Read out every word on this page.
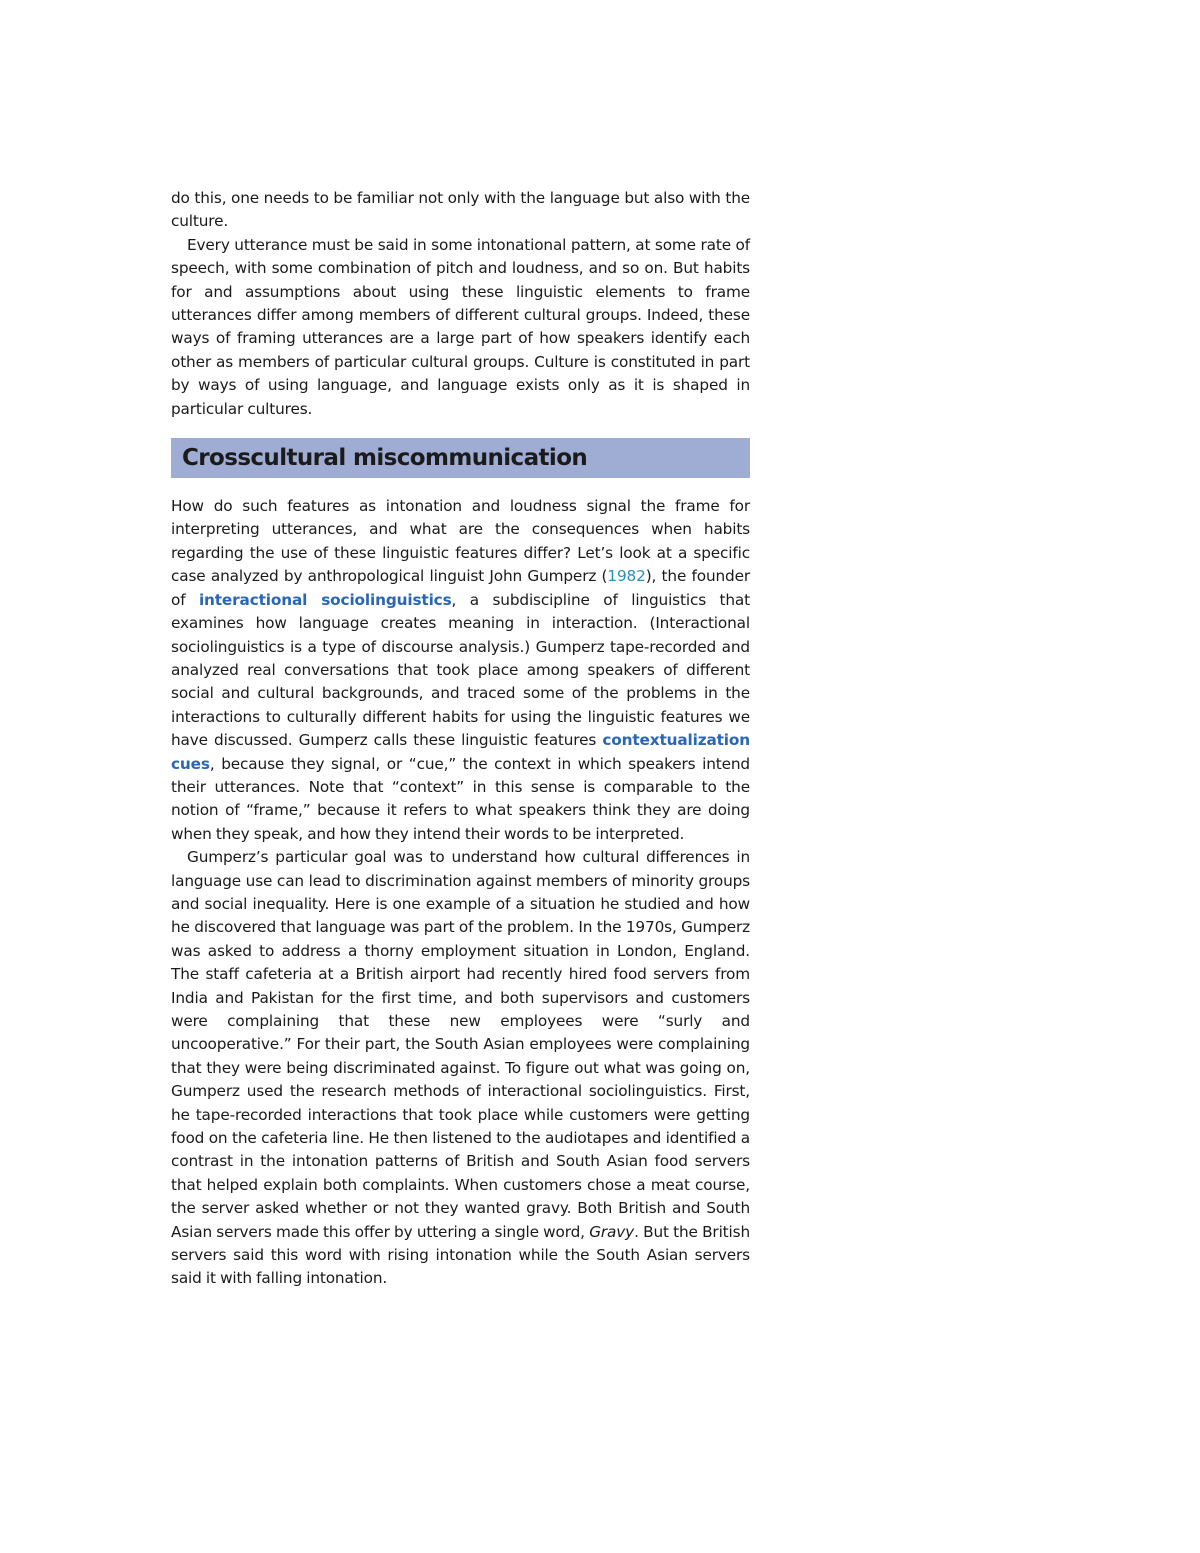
do this, one needs to be familiar not only with the language but also with the culture.

Every utterance must be said in some intonational pattern, at some rate of speech, with some combination of pitch and loudness, and so on. But habits for and assumptions about using these linguistic elements to frame utterances differ among members of different cultural groups. Indeed, these ways of framing utterances are a large part of how speakers identify each other as members of particular cultural groups. Culture is constituted in part by ways of using language, and language exists only as it is shaped in particular cultures.

Crosscultural miscommunication

How do such features as intonation and loudness signal the frame for interpreting utterances, and what are the consequences when habits regarding the use of these linguistic features differ? Let’s look at a specific case analyzed by anthropological linguist John Gumperz (1982), the founder of interactional sociolinguistics, a subdiscipline of linguistics that examines how language creates meaning in interaction. (Interactional sociolinguistics is a type of discourse analysis.) Gumperz tape-recorded and analyzed real conversations that took place among speakers of different social and cultural backgrounds, and traced some of the problems in the interactions to culturally different habits for using the linguistic features we have discussed. Gumperz calls these linguistic features contextualization cues, because they signal, or “cue,” the context in which speakers intend their utterances. Note that “context” in this sense is comparable to the notion of “frame,” because it refers to what speakers think they are doing when they speak, and how they intend their words to be interpreted.

Gumperz’s particular goal was to understand how cultural differences in language use can lead to discrimination against members of minority groups and social inequality. Here is one example of a situation he studied and how he discovered that language was part of the problem. In the 1970s, Gumperz was asked to address a thorny employment situation in London, England. The staff cafeteria at a British airport had recently hired food servers from India and Pakistan for the first time, and both supervisors and customers were complaining that these new employees were “surly and uncooperative.” For their part, the South Asian employees were complaining that they were being discriminated against. To figure out what was going on, Gumperz used the research methods of interactional sociolinguistics. First, he tape-recorded interactions that took place while customers were getting food on the cafeteria line. He then listened to the audiotapes and identified a contrast in the intonation patterns of British and South Asian food servers that helped explain both complaints. When customers chose a meat course, the server asked whether or not they wanted gravy. Both British and South Asian servers made this offer by uttering a single word, Gravy. But the British servers said this word with rising intonation while the South Asian servers said it with falling intonation.
